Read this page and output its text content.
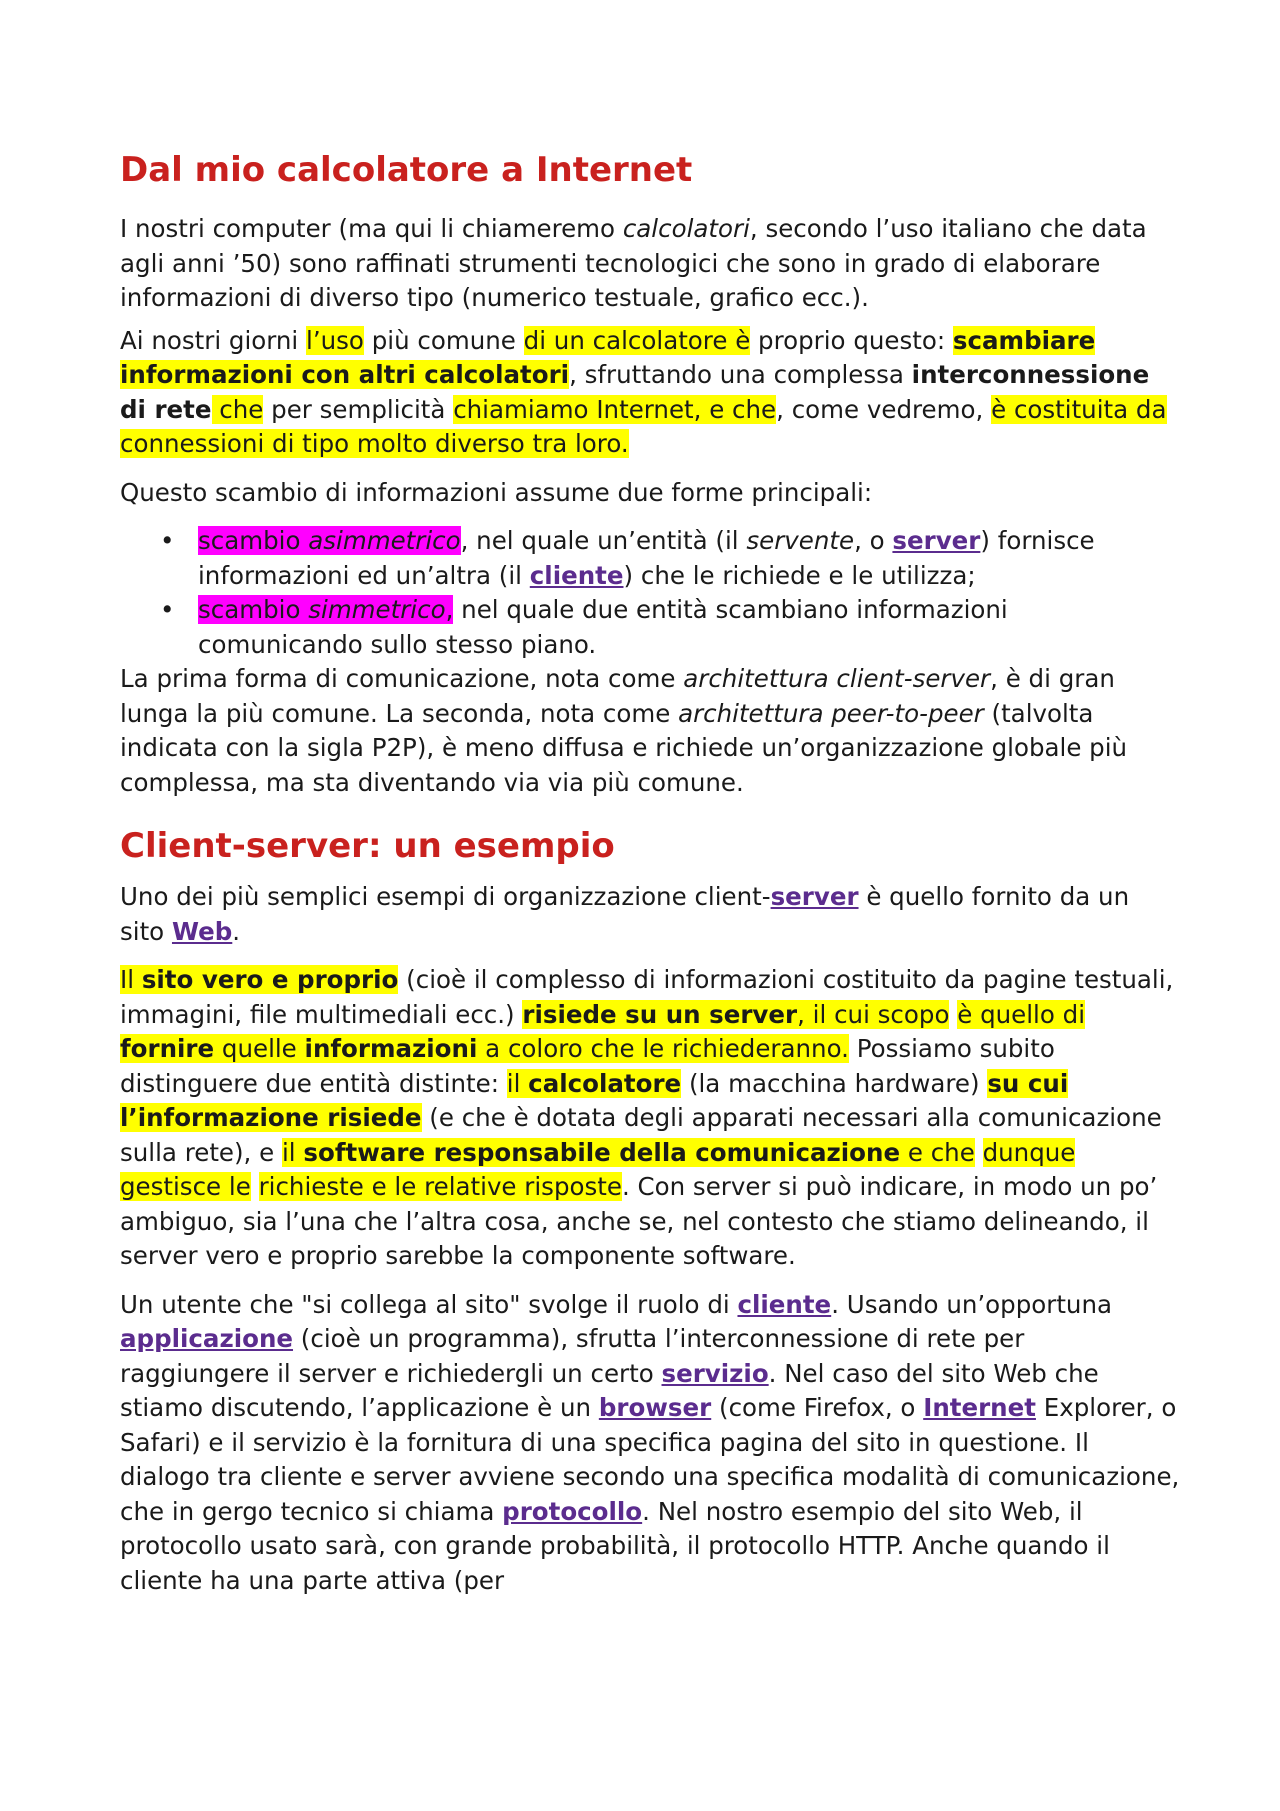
Dal mio calcolatore a Internet

I nostri computer (ma qui li chiameremo calcolatori, secondo l’uso italiano che data agli anni ’50) sono raffinati strumenti tecnologici che sono in grado di elaborare informazioni di diverso tipo (numerico testuale, grafico ecc.).

Ai nostri giorni l’uso più comune di un calcolatore è proprio questo: scambiare informazioni con altri calcolatori, sfruttando una complessa interconnessione di rete che per semplicità chiamiamo Internet, e che, come vedremo, è costituita da connessioni di tipo molto diverso tra loro.

Questo scambio di informazioni assume due forme principali:

• scambio asimmetrico, nel quale un’entità (il servente, o server) fornisce informazioni ed un’altra (il cliente) che le richiede e le utilizza;
• scambio simmetrico, nel quale due entità scambiano informazioni comunicando sullo stesso piano.

La prima forma di comunicazione, nota come architettura client-server, è di gran lunga la più comune. La seconda, nota come architettura peer-to-peer (talvolta indicata con la sigla P2P), è meno diffusa e richiede un’organizzazione globale più complessa, ma sta diventando via via più comune.

Client-server: un esempio

Uno dei più semplici esempi di organizzazione client-server è quello fornito da un sito Web.

Il sito vero e proprio (cioè il complesso di informazioni costituito da pagine testuali, immagini, file multimediali ecc.) risiede su un server, il cui scopo è quello di fornire quelle informazioni a coloro che le richiederanno. Possiamo subito distinguere due entità distinte: il calcolatore (la macchina hardware) su cui l’informazione risiede (e che è dotata degli apparati necessari alla comunicazione sulla rete), e il software responsabile della comunicazione e che dunque gestisce le richieste e le relative risposte. Con server si può indicare, in modo un po’ ambiguo, sia l’una che l’altra cosa, anche se, nel contesto che stiamo delineando, il server vero e proprio sarebbe la componente software.

Un utente che "si collega al sito" svolge il ruolo di cliente. Usando un’opportuna applicazione (cioè un programma), sfrutta l’interconnessione di rete per raggiungere il server e richiedergli un certo servizio. Nel caso del sito Web che stiamo discutendo, l’applicazione è un browser (come Firefox, o Internet Explorer, o Safari) e il servizio è la fornitura di una specifica pagina del sito in questione. Il dialogo tra cliente e server avviene secondo una specifica modalità di comunicazione, che in gergo tecnico si chiama protocollo. Nel nostro esempio del sito Web, il protocollo usato sarà, con grande probabilità, il protocollo HTTP. Anche quando il cliente ha una parte attiva (per
